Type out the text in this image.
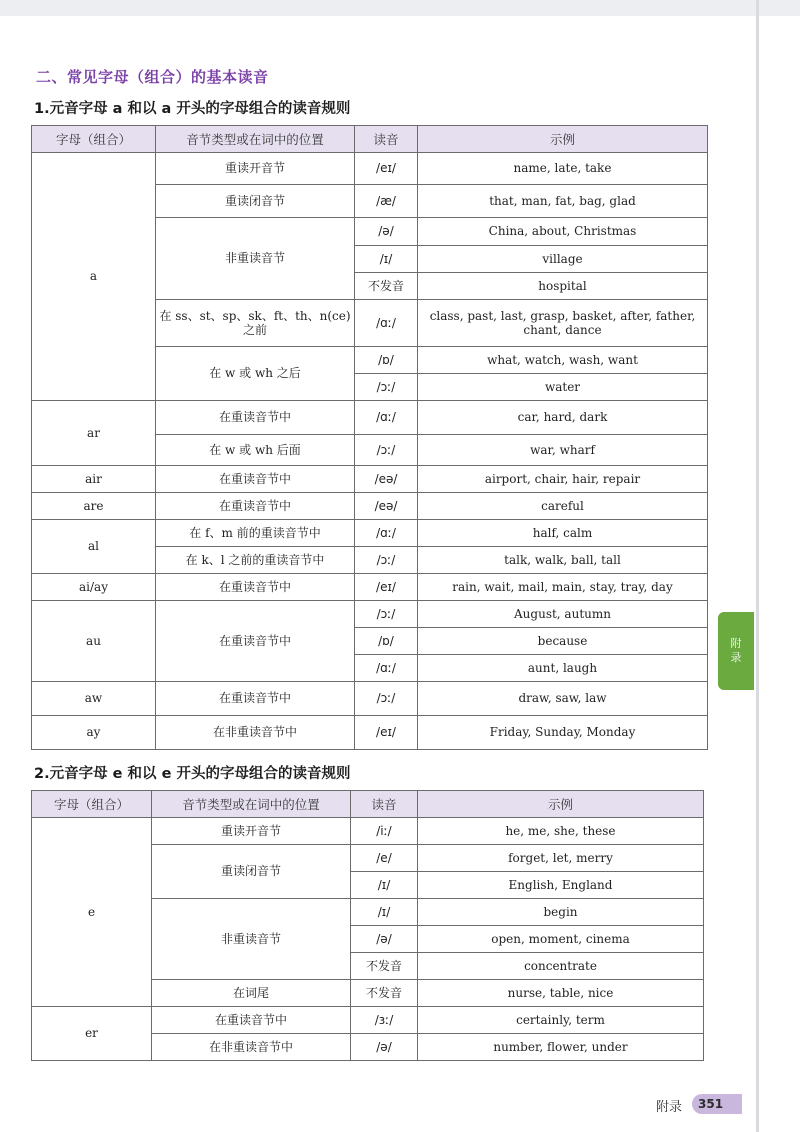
二、常见字母（组合）的基本读音
1.元音字母 a 和以 a 开头的字母组合的读音规则
字母（组合）	音节类型或在词中的位置	读音	示例
a	重读开音节	/eɪ/	name, late, take
	重读闭音节	/æ/	that, man, fat, bag, glad
	非重读音节	/ə/	China, about, Christmas
		/ɪ/	village
		不发音	hospital
	在 ss、st、sp、sk、ft、th、n(ce) 之前	/ɑː/	class, past, last, grasp, basket, after, father, chant, dance
	在 w 或 wh 之后	/ɒ/	what, watch, wash, want
		/ɔː/	water
ar	在重读音节中	/ɑː/	car, hard, dark
	在 w 或 wh 后面	/ɔː/	war, wharf
air	在重读音节中	/eə/	airport, chair, hair, repair
are	在重读音节中	/eə/	careful
al	在 f、m 前的重读音节中	/ɑː/	half, calm
	在 k、l 之前的重读音节中	/ɔː/	talk, walk, ball, tall
ai/ay	在重读音节中	/eɪ/	rain, wait, mail, main, stay, tray, day
au	在重读音节中	/ɔː/	August, autumn
		/ɒ/	because
		/ɑː/	aunt, laugh
aw	在重读音节中	/ɔː/	draw, saw, law
ay	在非重读音节中	/eɪ/	Friday, Sunday, Monday
2.元音字母 e 和以 e 开头的字母组合的读音规则
字母（组合）	音节类型或在词中的位置	读音	示例
e	重读开音节	/iː/	he, me, she, these
	重读闭音节	/e/	forget, let, merry
		/ɪ/	English, England
	非重读音节	/ɪ/	begin
		/ə/	open, moment, cinema
		不发音	concentrate
	在词尾	不发音	nurse, table, nice
er	在重读音节中	/ɜː/	certainly, term
	在非重读音节中	/ə/	number, flower, under
附录
附录	351
